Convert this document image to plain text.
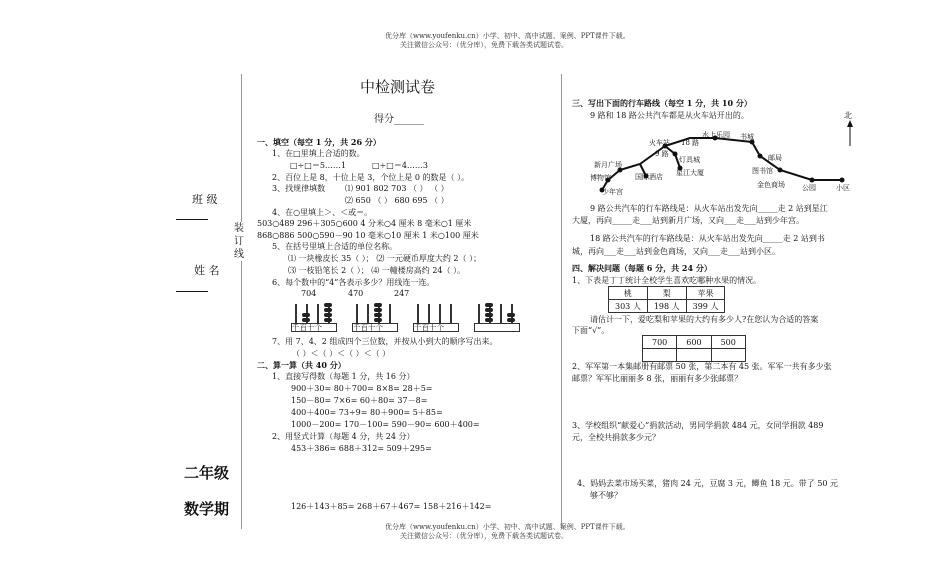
优分库（www.youfenku.cn）小学、初中、高中试题、案例、PPT课件下载。
关注微信公众号：（优分库），免费下载各类试题试卷。
班 级
姓 名
装订线
二年级
数学期
中检测试卷
得分______
一、填空（每空 1 分，共 26 分）
1、在□里填上合适的数。
□÷□＝5……1	□÷□＝4……3
2、百位上是 8，十位上是 3，个位上是 0 的数是（ ）。
3、找规律填数 ⑴ 901 802 703 （ ） （ ）
⑵ 650 （ ） 680 695 （ ）
4、在○里填上＞、＜或＝。
503○489 296＋305○600 4 分米○4 厘米 8 毫米○1 厘米
868○886 500○590－90 10 毫米○10 厘米 1 米○100 厘米
5、在括号里填上合适的单位名称。
⑴ 一块橡皮长 35（ ）； ⑵ 一元硬币厚度大约 2（ ）；
⑶ 一枝铅笔长 2（ ）； ⑷ 一幢楼房高约 24（ ）。
6、每个数中的“4”各表示多少？用线连一连。
704	470	247
千百十个	千百十个	千百十个
7、用 7、4、2 组成四个三位数，并按从小到大的顺序写出来。
（ ）＜（ ）＜（ ）＜（ ）
二、算一算（共 40 分）
1、直接写得数（每题 1 分，共 16 分）
900＋30= 80＋700= 8×8= 28＋5=
150－80= 7×6= 60＋80= 37－8=
400＋400= 73÷9= 80＋900= 5＋85=
1000－200= 170－100= 590－90= 600＋400=
2、用竖式计算（每题 4 分，共 24 分）
453＋386= 688＋312= 509＋295=
126＋143＋85= 268＋67＋467= 158＋216＋142=
三、写出下面的行车路线（每空 1 分，共 10 分）
9 路和 18 路公共汽车都是从火车站开出的。	北
火车站 18 路
水上乐园 书城
9 路
灯具城	邮局
新月广场
图书馆
星江大厦
博物馆	国际酒店
金色商场 公园	小区
少年宫
9 路公共汽车的行车路线是：从火车站出发先向_____走 2 站到星江
大厦，再向_____走___站到新月广场，又向___走___站到少年宫。
18 路公共汽车的行车路线是：从火车站出发先向_____走 2 站到书
城，再向___走___站到金色商场，又向___走___站到小区。
四、解决问题（每题 6 分，共 24 分）
1、下表是丁丁统计全校学生喜欢吃哪种水果的情况。
桃	梨	苹果
303 人	198 人	399 人
请估计一下，爱吃梨和苹果的大约有多少人?在您认为合适的答案
下面“√”。
700	600	500

2、军军第一本集邮册有邮票 50 张，第二本有 45 张。军军一共有多少张
邮票？军军比丽丽多 8 张，丽丽有多少张邮票？
3、学校组织“献爱心”捐款活动，男同学捐款 484 元，女同学捐款 489
元，全校共捐款多少元？
4、妈妈去菜市场买菜，猪肉 24 元，豆腐 3 元，鲫鱼 18 元。带了 50 元
够不够？
优分库（www.youfenku.cn）小学、初中、高中试题、案例、PPT课件下载。
关注微信公众号：（优分库），免费下载各类试题试卷。
